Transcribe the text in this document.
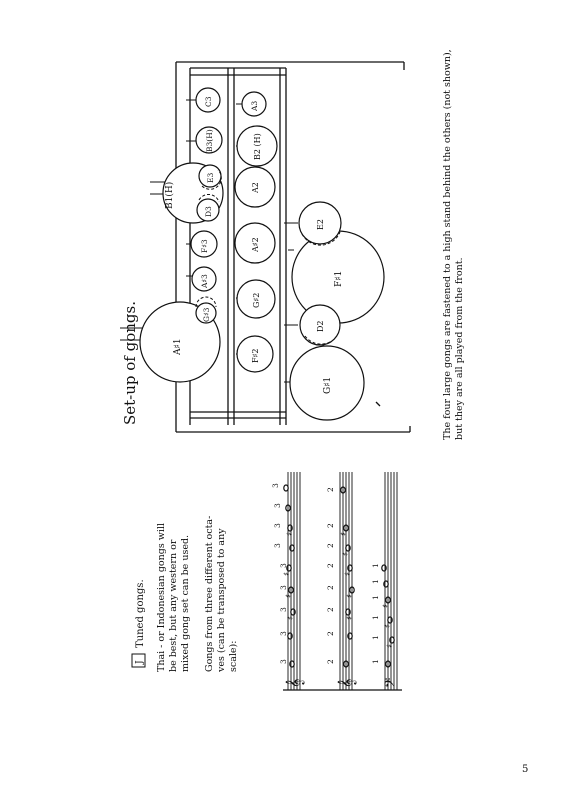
Set-up of gongs.	The four large gongs are fastened to a high stand behind the others (not shown), but they are all played from the front.
A♯1
B1(H)
G♯3
A♯3
F♯3
D3
E3
B3(H)
C3
F♯2
G♯2
A♯2
A2
B2 (H)
A3
F♯1
G♯1
E2
D2
J
Tuned gongs. Thai - or Indonesian gongs will be best, but any western or mixed gong set can be used. Gongs from three different octa- ves (can be transposed to any scale):
𝄞 𝄞 𝄢
♯
♯
♯
♯
♯
♯
♯
♯
♯
♯
♯
♯
3
3
3
3
3
3
3
3
3
2
2
2
2
2
2
2
2
1
1
1
1
1
1
5
